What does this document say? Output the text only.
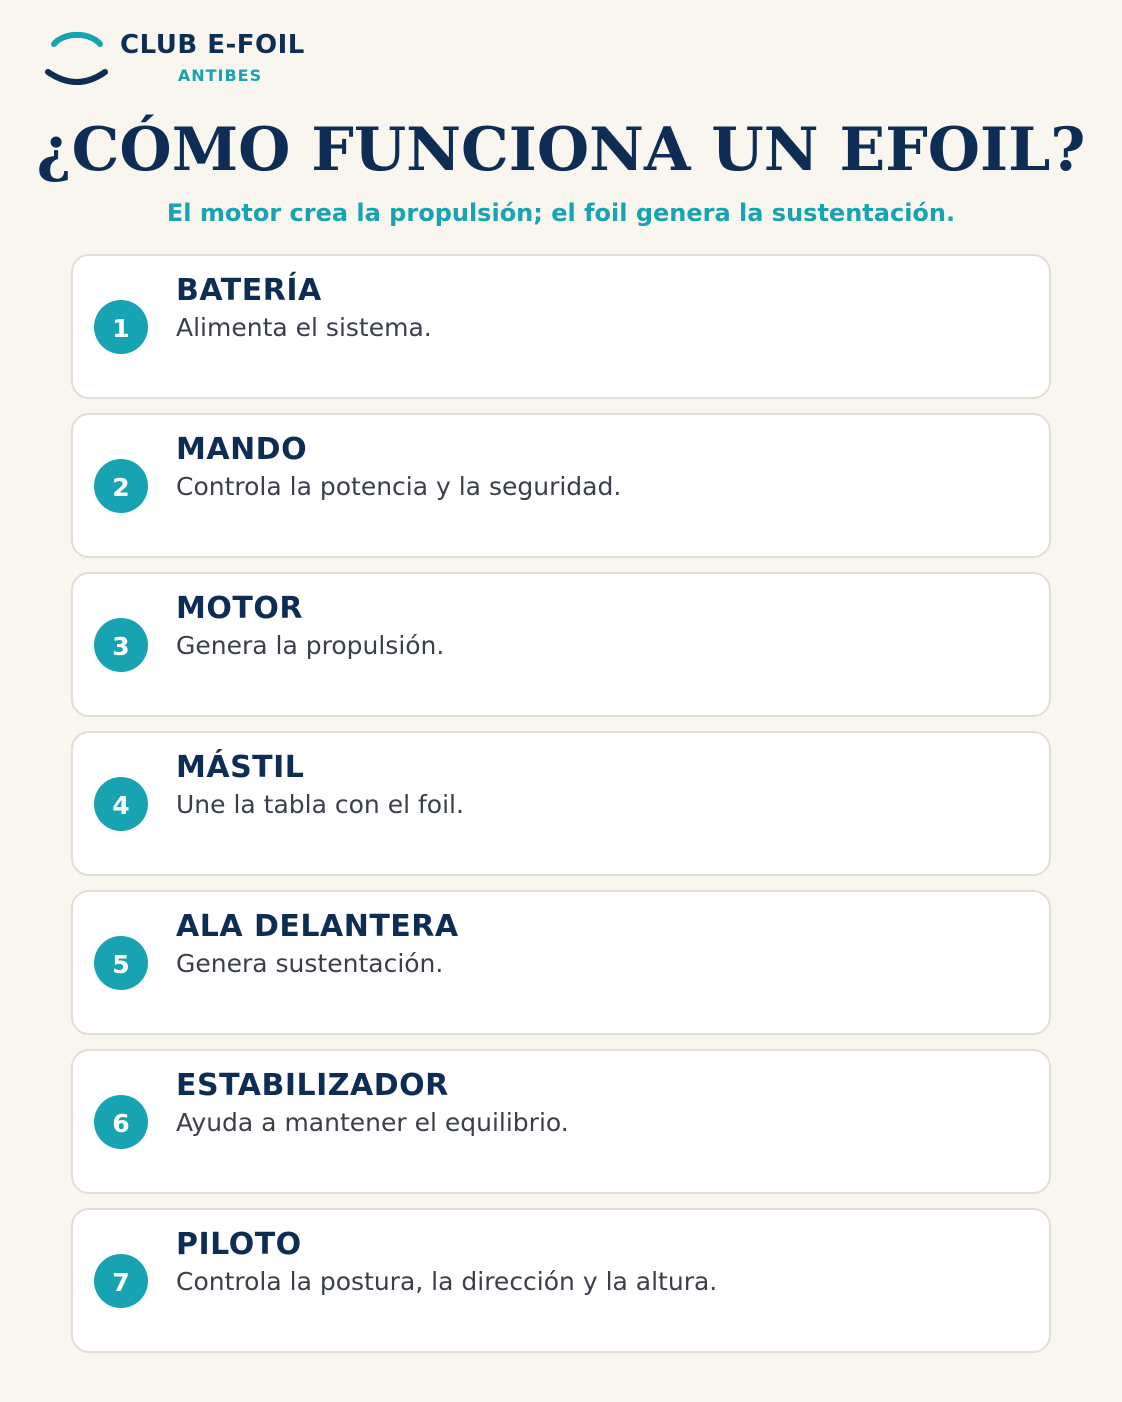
CLUB E-FOIL
ANTIBES
¿CÓMO FUNCIONA UN EFOIL?
El motor crea la propulsión; el foil genera la sustentación.
1
BATERÍA
Alimenta el sistema.
2
MANDO
Controla la potencia y la seguridad.
3
MOTOR
Genera la propulsión.
4
MÁSTIL
Une la tabla con el foil.
5
ALA DELANTERA
Genera sustentación.
6
ESTABILIZADOR
Ayuda a mantener el equilibrio.
7
PILOTO
Controla la postura, la dirección y la altura.
